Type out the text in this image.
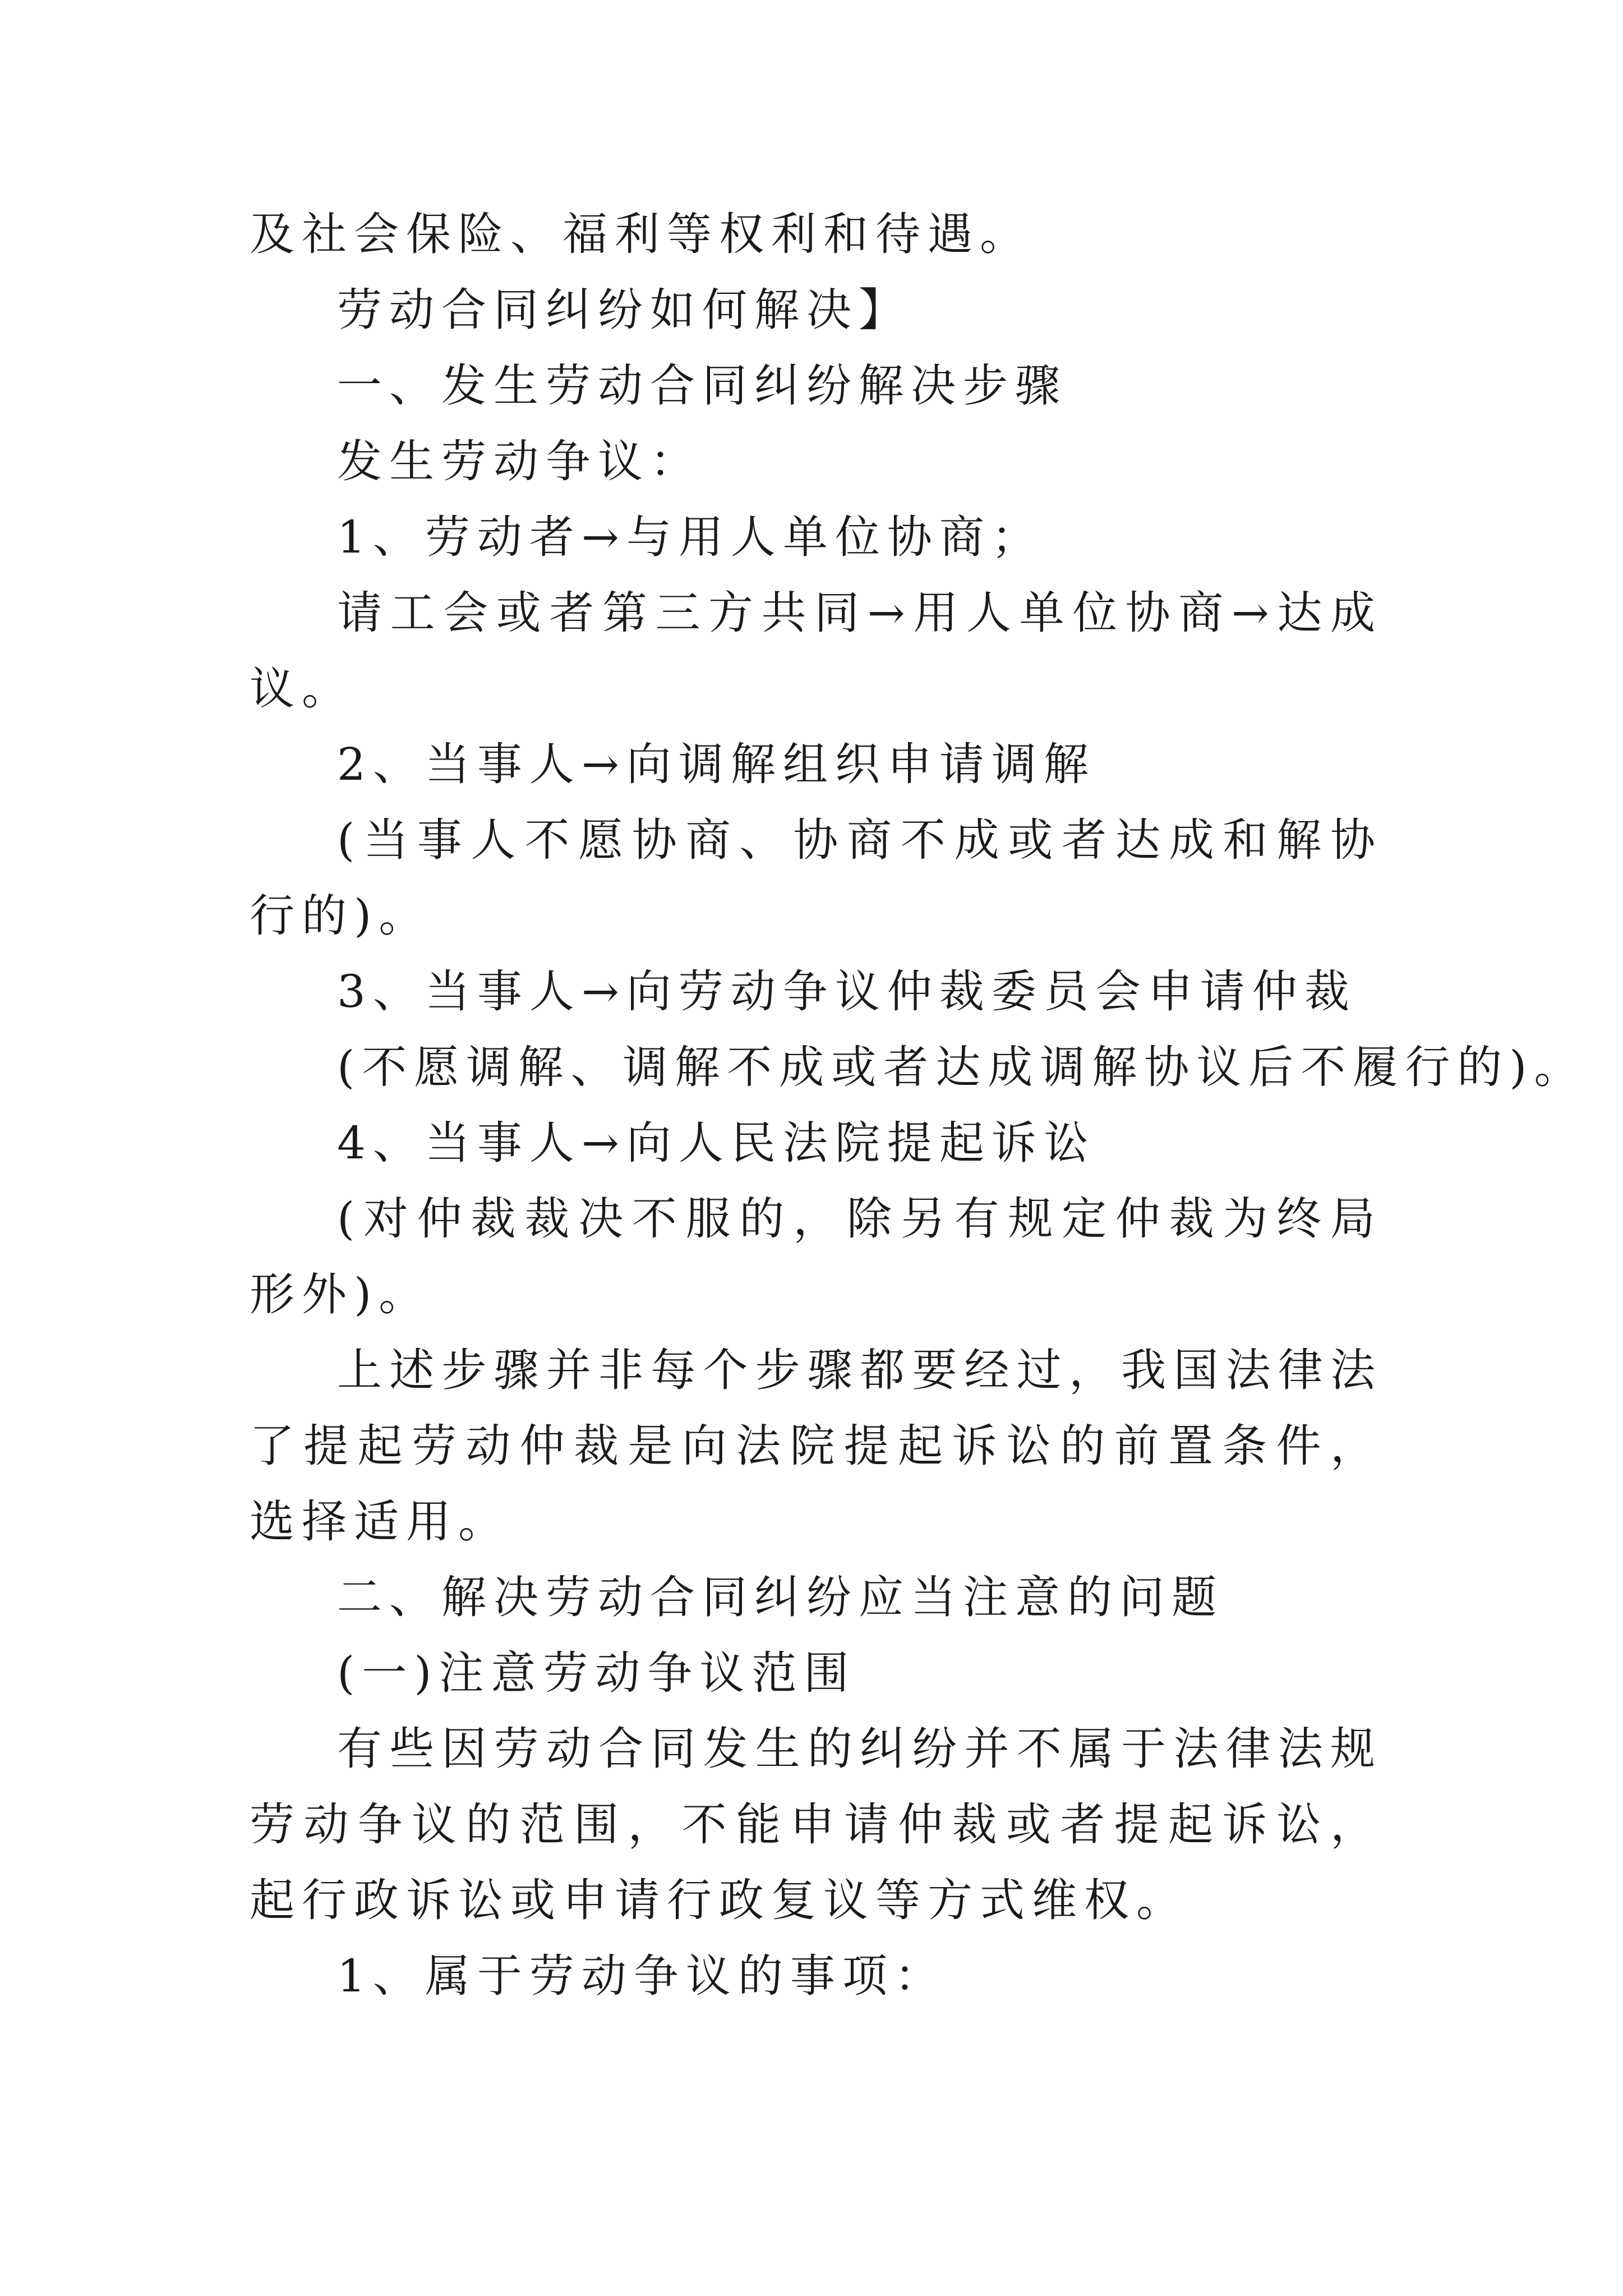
及社会保险、福利等权利和待遇。
劳动合同纠纷如何解决】
一、发生劳动合同纠纷解决步骤
发生劳动争议：
1、劳动者→与用人单位协商；
请工会或者第三方共同→用人单位协商→达成
议。
2、当事人→向调解组织申请调解
(当事人不愿协商、协商不成或者达成和解协
行的)。
3、当事人→向劳动争议仲裁委员会申请仲裁
(不愿调解、调解不成或者达成调解协议后不履行的)。
4、当事人→向人民法院提起诉讼
(对仲裁裁决不服的，除另有规定仲裁为终局
形外)。
上述步骤并非每个步骤都要经过，我国法律法
了提起劳动仲裁是向法院提起诉讼的前置条件，
选择适用。
二、解决劳动合同纠纷应当注意的问题
(一)注意劳动争议范围
有些因劳动合同发生的纠纷并不属于法律法规
劳动争议的范围，不能申请仲裁或者提起诉讼，
起行政诉讼或申请行政复议等方式维权。
1、属于劳动争议的事项：
